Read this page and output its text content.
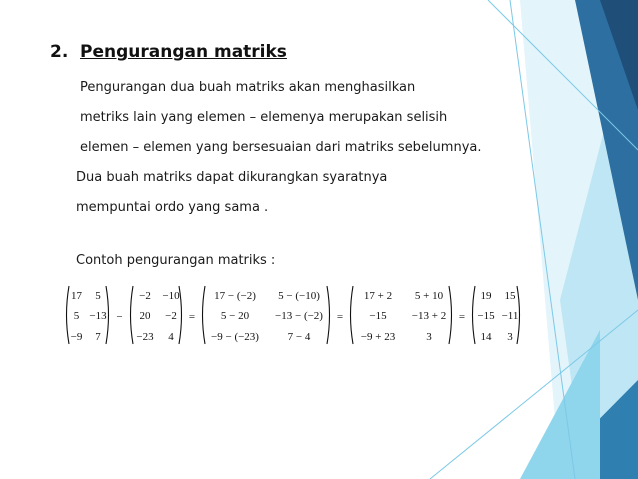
2. Pengurangan matriks
Pengurangan dua buah matriks akan menghasilkan
metriks lain yang elemen – elemenya merupakan selisih
elemen – elemen yang bersesuaian dari matriks sebelumnya.
Dua buah matriks dapat dikurangkan syaratnya
mempuntai ordo yang sama .
Contoh pengurangan matriks :
17 5
5 −13
−9 7
−
−2 −10
20 −2
−23 4
=
17 − (−2) 5 − (−10)
5 − 20 −13 − (−2)
−9 − (−23)	7 − 4
=
17 + 2 5 + 10
−15 −13 + 2
−9 + 23	3
=
19 15
−15 −11
14 3
